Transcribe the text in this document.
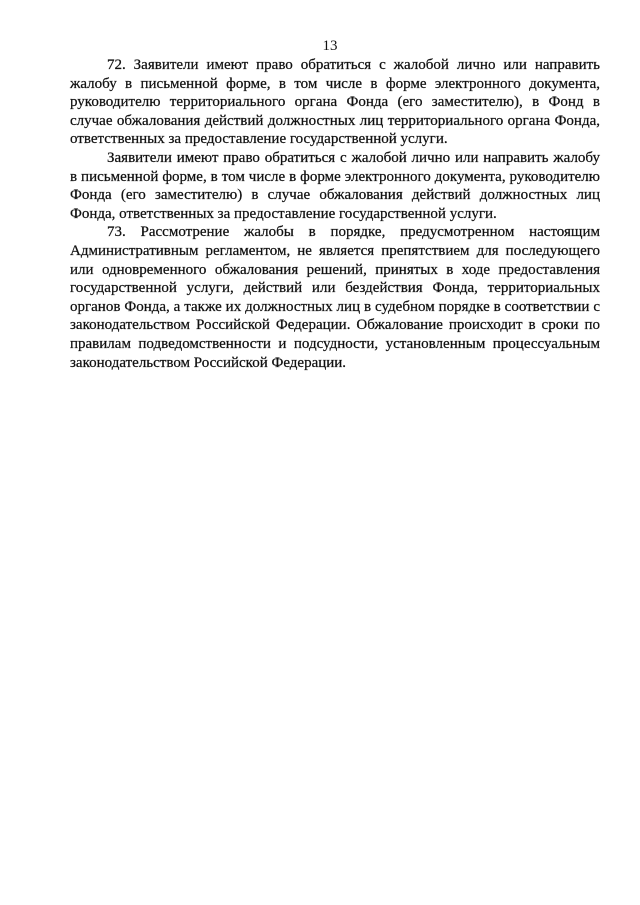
13

72. Заявители имеют право обратиться с жалобой лично или направить жалобу в письменной форме, в том числе в форме электронного документа, руководителю территориального органа Фонда (его заместителю), в Фонд в случае обжалования действий должностных лиц территориального органа Фонда, ответственных за предоставление государственной услуги.

Заявители имеют право обратиться с жалобой лично или направить жалобу в письменной форме, в том числе в форме электронного документа, руководителю Фонда (его заместителю) в случае обжалования действий должностных лиц Фонда, ответственных за предоставление государственной услуги.

73. Рассмотрение жалобы в порядке, предусмотренном настоящим Административным регламентом, не является препятствием для последующего или одновременного обжалования решений, принятых в ходе предоставления государственной услуги, действий или бездействия Фонда, территориальных органов Фонда, а также их должностных лиц в судебном порядке в соответствии с законодательством Российской Федерации. Обжалование происходит в сроки по правилам подведомственности и подсудности, установленным процессуальным законодательством Российской Федерации.
